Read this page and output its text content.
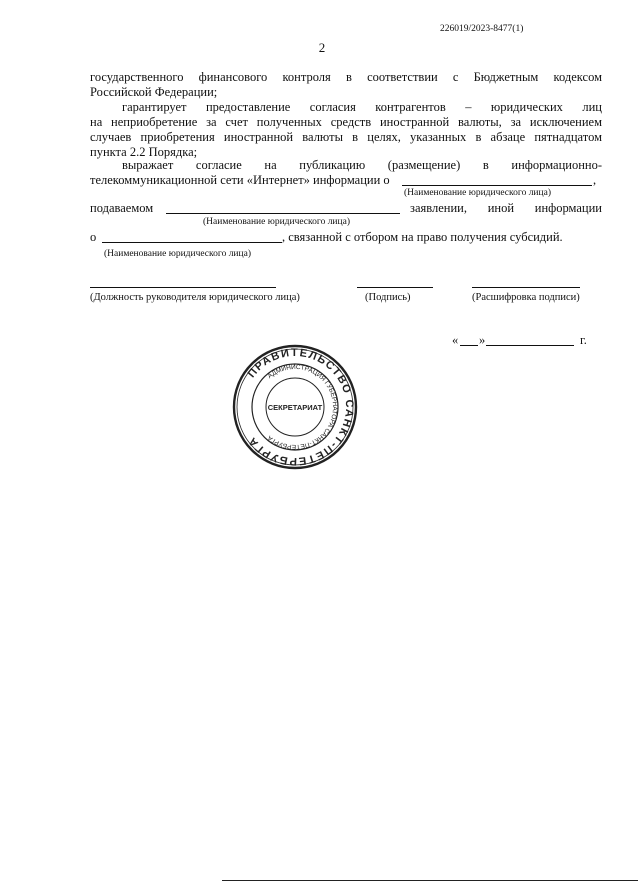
226019/2023-8477(1)
2
государственного финансового контроля в соответствии с Бюджетным кодексом
Российской Федерации;
гарантирует предоставление согласия контрагентов – юридических лиц
на неприобретение за счет полученных средств иностранной валюты, за исключением
случаев приобретения иностранной валюты в целях, указанных в абзаце пятнадцатом
пункта 2.2 Порядка;
выражает согласие на публикацию (размещение) в информационно-
телекоммуникационной сети «Интернет» информации о	,
(Наименование юридического лица)
подаваемом	заявлении, иной информации
(Наименование юридического лица)
о	, связанной с отбором на право получения субсидий.
(Наименование юридического лица)
(Должность руководителя юридического лица)	(Подпись)	(Расшифровка подписи)
« »	г.
ПРАВИТЕЛЬСТВО САНКТ-ПЕТЕРБУРГА
АДМИНИСТРАЦИЯ ГУБЕРНАТОРА САНКТ-ПЕТЕРБУРГА
СЕКРЕТАРИАТ
